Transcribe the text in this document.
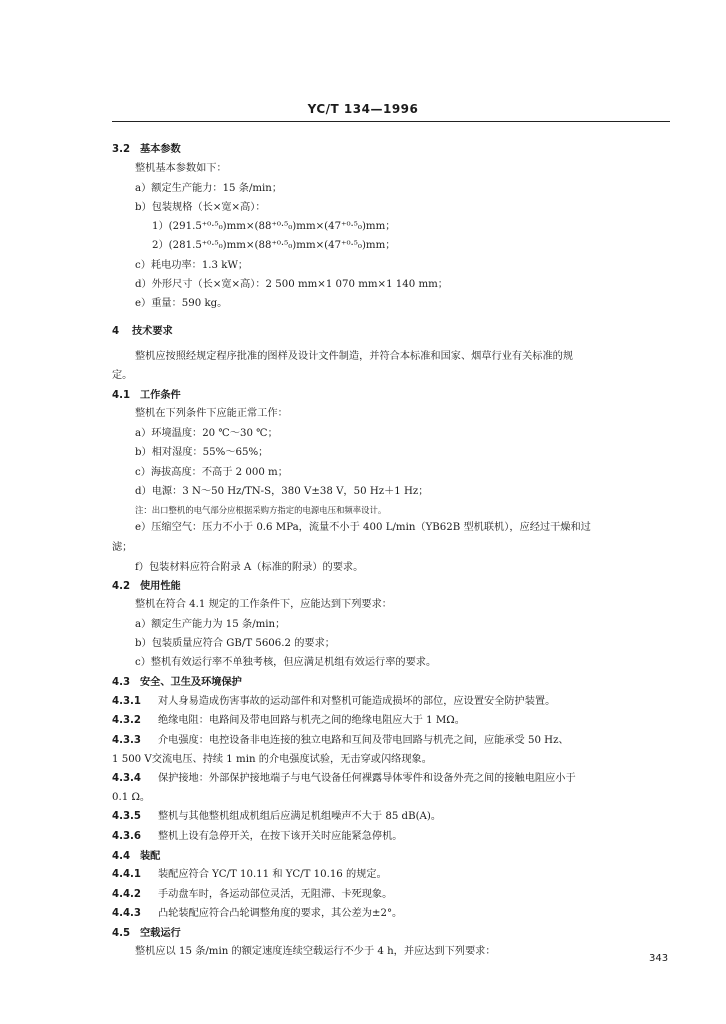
YC/T 134—1996
3.2 基本参数
整机基本参数如下：
a）额定生产能力：15 条/min；
b）包装规格（长×宽×高）：
1）(291.5⁺⁰·⁵₀)mm×(88⁺⁰·⁵₀)mm×(47⁺⁰·⁵₀)mm；
2）(281.5⁺⁰·⁵₀)mm×(88⁺⁰·⁵₀)mm×(47⁺⁰·⁵₀)mm；
c）耗电功率：1.3 kW；
d）外形尺寸（长×宽×高）：2 500 mm×1 070 mm×1 140 mm；
e）重量：590 kg。
4 技术要求
整机应按照经规定程序批准的图样及设计文件制造，并符合本标准和国家、烟草行业有关标准的规
定。
4.1 工作条件
整机在下列条件下应能正常工作：
a）环境温度：20 ℃～30 ℃；
b）相对湿度：55%～65%；
c）海拔高度：不高于 2 000 m；
d）电源：3 N～50 Hz/TN-S，380 V±38 V，50 Hz＋1 Hz；
注：出口整机的电气部分应根据采购方指定的电源电压和频率设计。
e）压缩空气：压力不小于 0.6 MPa，流量不小于 400 L/min（YB62B 型机联机），应经过干燥和过
滤；
f）包装材料应符合附录 A（标准的附录）的要求。
4.2 使用性能
整机在符合 4.1 规定的工作条件下，应能达到下列要求：
a）额定生产能力为 15 条/min；
b）包装质量应符合 GB/T 5606.2 的要求；
c）整机有效运行率不单独考核，但应满足机组有效运行率的要求。
4.3 安全、卫生及环境保护
4.3.1 对人身易造成伤害事故的运动部件和对整机可能造成损坏的部位，应设置安全防护装置。
4.3.2 绝缘电阻：电路间及带电回路与机壳之间的绝缘电阻应大于 1 MΩ。
4.3.3 介电强度：电控设备非电连接的独立电路和互间及带电回路与机壳之间，应能承受 50 Hz、
1 500 V交流电压、持续 1 min 的介电强度试验，无击穿或闪络现象。
4.3.4 保护接地：外部保护接地端子与电气设备任何裸露导体零件和设备外壳之间的接触电阻应小于
0.1 Ω。
4.3.5 整机与其他整机组成机组后应满足机组噪声不大于 85 dB(A)。
4.3.6 整机上设有急停开关，在按下该开关时应能紧急停机。
4.4 装配
4.4.1 装配应符合 YC/T 10.11 和 YC/T 10.16 的规定。
4.4.2 手动盘车时，各运动部位灵活，无阻滞、卡死现象。
4.4.3 凸轮装配应符合凸轮调整角度的要求，其公差为±2°。
4.5 空载运行
整机应以 15 条/min 的额定速度连续空载运行不少于 4 h，并应达到下列要求：
343
